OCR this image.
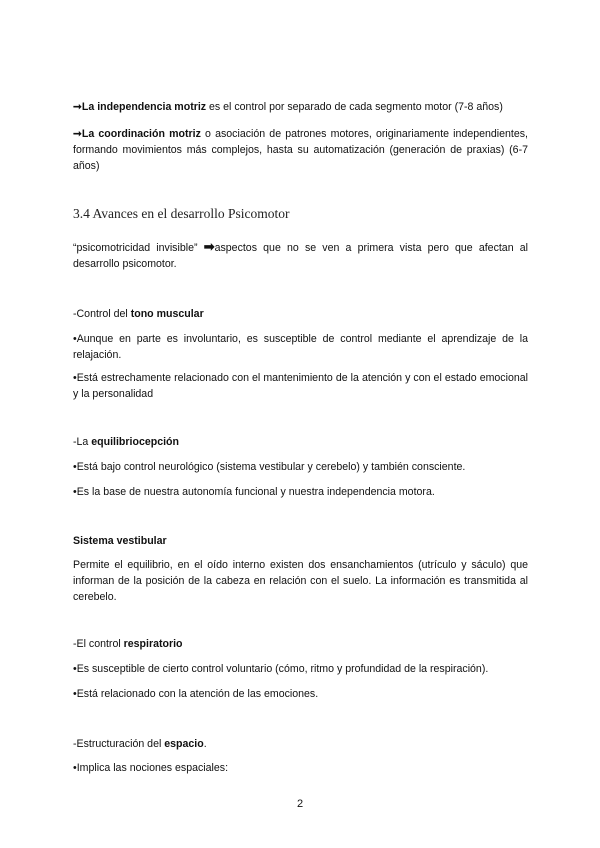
➞La independencia motriz es el control por separado de cada segmento motor (7-8 años)

➞La coordinación motriz o asociación de patrones motores, originariamente independientes, formando movimientos más complejos, hasta su automatización (generación de praxias) (6-7 años)

3.4 Avances en el desarrollo Psicomotor

“psicomotricidad invisible” ➡aspectos que no se ven a primera vista pero que afectan al desarrollo psicomotor.

-Control del tono muscular

•Aunque en parte es involuntario, es susceptible de control mediante el aprendizaje de la relajación.

•Está estrechamente relacionado con el mantenimiento de la atención y con el estado emocional y la personalidad

-La equilibriocepción

•Está bajo control neurológico (sistema vestibular y cerebelo) y también consciente.

•Es la base de nuestra autonomía funcional y nuestra independencia motora.

Sistema vestibular

Permite el equilibrio, en el oído interno existen dos ensanchamientos (utrículo y sáculo) que informan de la posición de la cabeza en relación con el suelo. La información es transmitida al cerebelo.

-El control respiratorio

•Es susceptible de cierto control voluntario (cómo, ritmo y profundidad de la respiración).

•Está relacionado con la atención de las emociones.

-Estructuración del espacio.

•Implica las nociones espaciales:

2
